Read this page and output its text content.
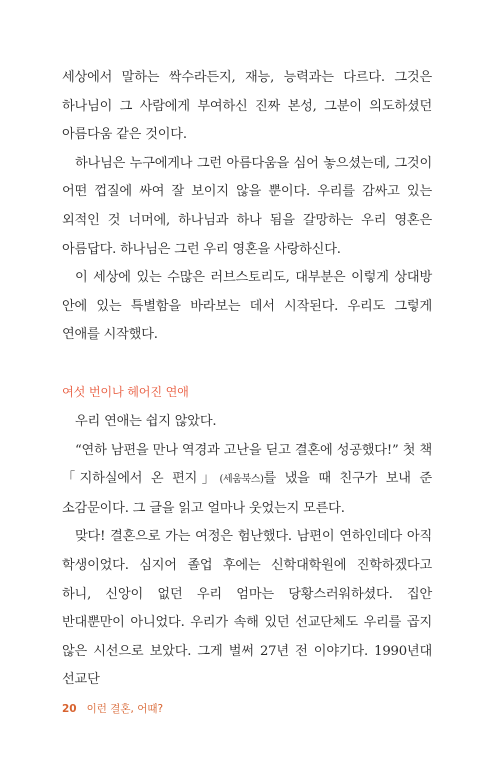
세상에서 말하는 싹수라든지, 재능, 능력과는 다르다. 그것은 하나님이 그 사람에게 부여하신 진짜 본성, 그분이 의도하셨던 아름다움 같은 것이다.

하나님은 누구에게나 그런 아름다움을 심어 놓으셨는데, 그것이 어떤 껍질에 싸여 잘 보이지 않을 뿐이다. 우리를 감싸고 있는 외적인 것 너머에, 하나님과 하나 됨을 갈망하는 우리 영혼은 아름답다. 하나님은 그런 우리 영혼을 사랑하신다.

이 세상에 있는 수많은 러브스토리도, 대부분은 이렇게 상대방 안에 있는 특별함을 바라보는 데서 시작된다. 우리도 그렇게 연애를 시작했다.

여섯 번이나 헤어진 연애

우리 연애는 쉽지 않았다.

“연하 남편을 만나 역경과 고난을 딛고 결혼에 성공했다!” 첫 책 「지하실에서 온 편지」(세움북스)를 냈을 때 친구가 보내 준 소감문이다. 그 글을 읽고 얼마나 웃었는지 모른다.

맞다! 결혼으로 가는 여정은 험난했다. 남편이 연하인데다 아직 학생이었다. 심지어 졸업 후에는 신학대학원에 진학하겠다고 하니, 신앙이 없던 우리 엄마는 당황스러워하셨다. 집안 반대뿐만이 아니었다. 우리가 속해 있던 선교단체도 우리를 곱지 않은 시선으로 보았다. 그게 벌써 27년 전 이야기다. 1990년대 선교단

20 이런 결혼, 어때?
